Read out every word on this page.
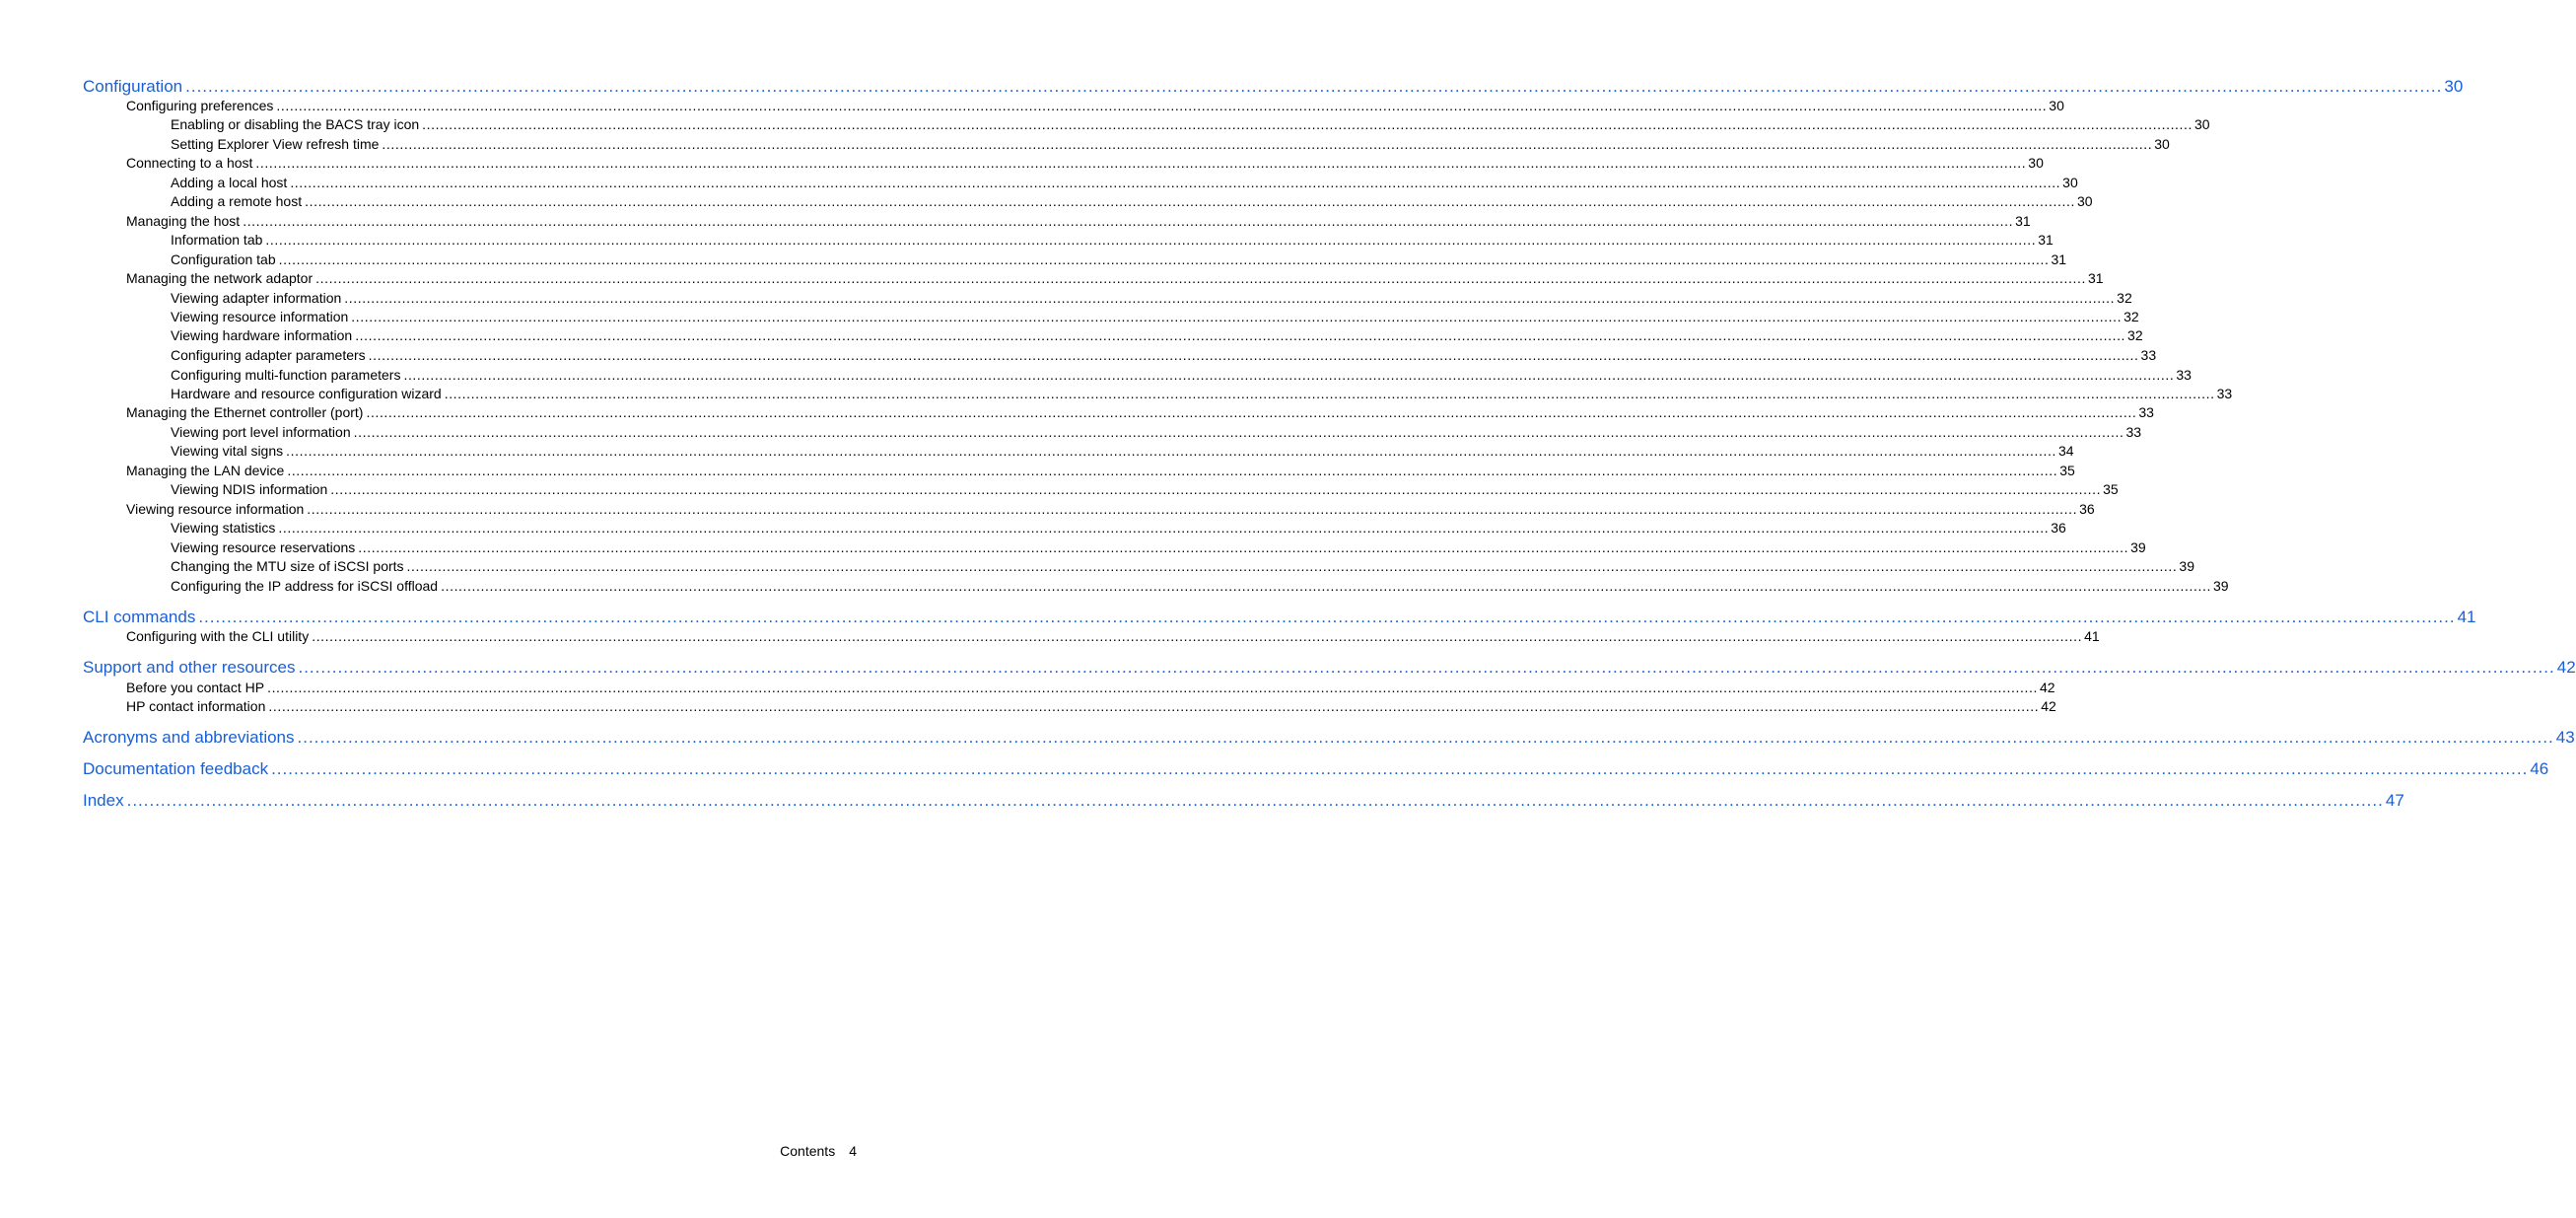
Configuration ................................................................................................................................................................................................................................................................................................................................................................................................................ 30
Configuring preferences ................................................................................................................................................................................................................................................................................................................................................................................................................ 30
Enabling or disabling the BACS tray icon ................................................................................................................................................................................................................................................................................................................................................................................................................ 30
Setting Explorer View refresh time ................................................................................................................................................................................................................................................................................................................................................................................................................ 30
Connecting to a host ................................................................................................................................................................................................................................................................................................................................................................................................................ 30
Adding a local host ................................................................................................................................................................................................................................................................................................................................................................................................................ 30
Adding a remote host ................................................................................................................................................................................................................................................................................................................................................................................................................ 30
Managing the host ................................................................................................................................................................................................................................................................................................................................................................................................................ 31
Information tab ................................................................................................................................................................................................................................................................................................................................................................................................................ 31
Configuration tab ................................................................................................................................................................................................................................................................................................................................................................................................................ 31
Managing the network adaptor ................................................................................................................................................................................................................................................................................................................................................................................................................ 31
Viewing adapter information ................................................................................................................................................................................................................................................................................................................................................................................................................ 32
Viewing resource information ................................................................................................................................................................................................................................................................................................................................................................................................................ 32
Viewing hardware information ................................................................................................................................................................................................................................................................................................................................................................................................................ 32
Configuring adapter parameters ................................................................................................................................................................................................................................................................................................................................................................................................................ 33
Configuring multi-function parameters ................................................................................................................................................................................................................................................................................................................................................................................................................ 33
Hardware and resource configuration wizard ................................................................................................................................................................................................................................................................................................................................................................................................................ 33
Managing the Ethernet controller (port) ................................................................................................................................................................................................................................................................................................................................................................................................................ 33
Viewing port level information ................................................................................................................................................................................................................................................................................................................................................................................................................ 33
Viewing vital signs ................................................................................................................................................................................................................................................................................................................................................................................................................ 34
Managing the LAN device ................................................................................................................................................................................................................................................................................................................................................................................................................ 35
Viewing NDIS information ................................................................................................................................................................................................................................................................................................................................................................................................................ 35
Viewing resource information ................................................................................................................................................................................................................................................................................................................................................................................................................ 36
Viewing statistics ................................................................................................................................................................................................................................................................................................................................................................................................................ 36
Viewing resource reservations ................................................................................................................................................................................................................................................................................................................................................................................................................ 39
Changing the MTU size of iSCSI ports ................................................................................................................................................................................................................................................................................................................................................................................................................ 39
Configuring the IP address for iSCSI offload ................................................................................................................................................................................................................................................................................................................................................................................................................ 39
CLI commands ................................................................................................................................................................................................................................................................................................................................................................................................................ 41
Configuring with the CLI utility ................................................................................................................................................................................................................................................................................................................................................................................................................ 41
Support and other resources ................................................................................................................................................................................................................................................................................................................................................................................................................ 42
Before you contact HP ................................................................................................................................................................................................................................................................................................................................................................................................................ 42
HP contact information ................................................................................................................................................................................................................................................................................................................................................................................................................ 42
Acronyms and abbreviations ................................................................................................................................................................................................................................................................................................................................................................................................................ 43
Documentation feedback ................................................................................................................................................................................................................................................................................................................................................................................................................ 46
Index ................................................................................................................................................................................................................................................................................................................................................................................................................ 47
Contents 4
